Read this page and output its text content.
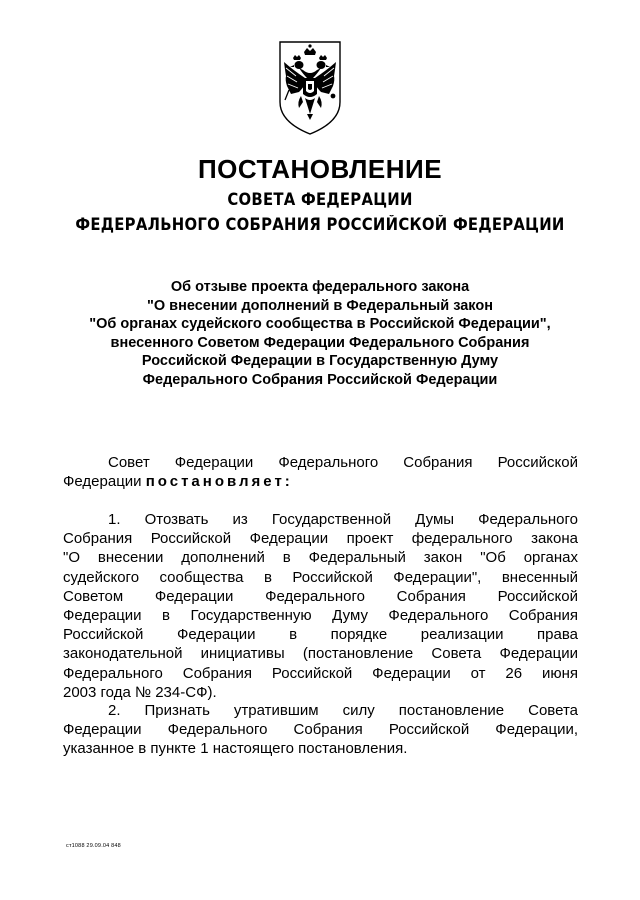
ПОСТАНОВЛЕНИЕ
СОВЕТА ФЕДЕРАЦИИ
ФЕДЕРАЛЬНОГО СОБРАНИЯ РОССИЙСКОЙ ФЕДЕРАЦИИ
Об отзыве проекта федерального закона
"О внесении дополнений в Федеральный закон
"Об органах судейского сообщества в Российской Федерации",
внесенного Советом Федерации Федерального Собрания
Российской Федерации в Государственную Думу
Федерального Собрания Российской Федерации
Совет Федерации Федерального Собрания Российской
Федерации постановляет:
1. Отозвать из Государственной Думы Федерального
Собрания Российской Федерации проект федерального закона
"О внесении дополнений в Федеральный закон "Об органах
судейского сообщества в Российской Федерации", внесенный
Советом Федерации Федерального Собрания Российской
Федерации в Государственную Думу Федерального Собрания
Российской Федерации в порядке реализации права
законодательной инициативы (постановление Совета Федерации
Федерального Собрания Российской Федерации от 26 июня
2003 года № 234-СФ).
2. Признать утратившим силу постановление Совета
Федерации Федерального Собрания Российской Федерации,
указанное в пункте 1 настоящего постановления.
ст1088 29.09.04 848
